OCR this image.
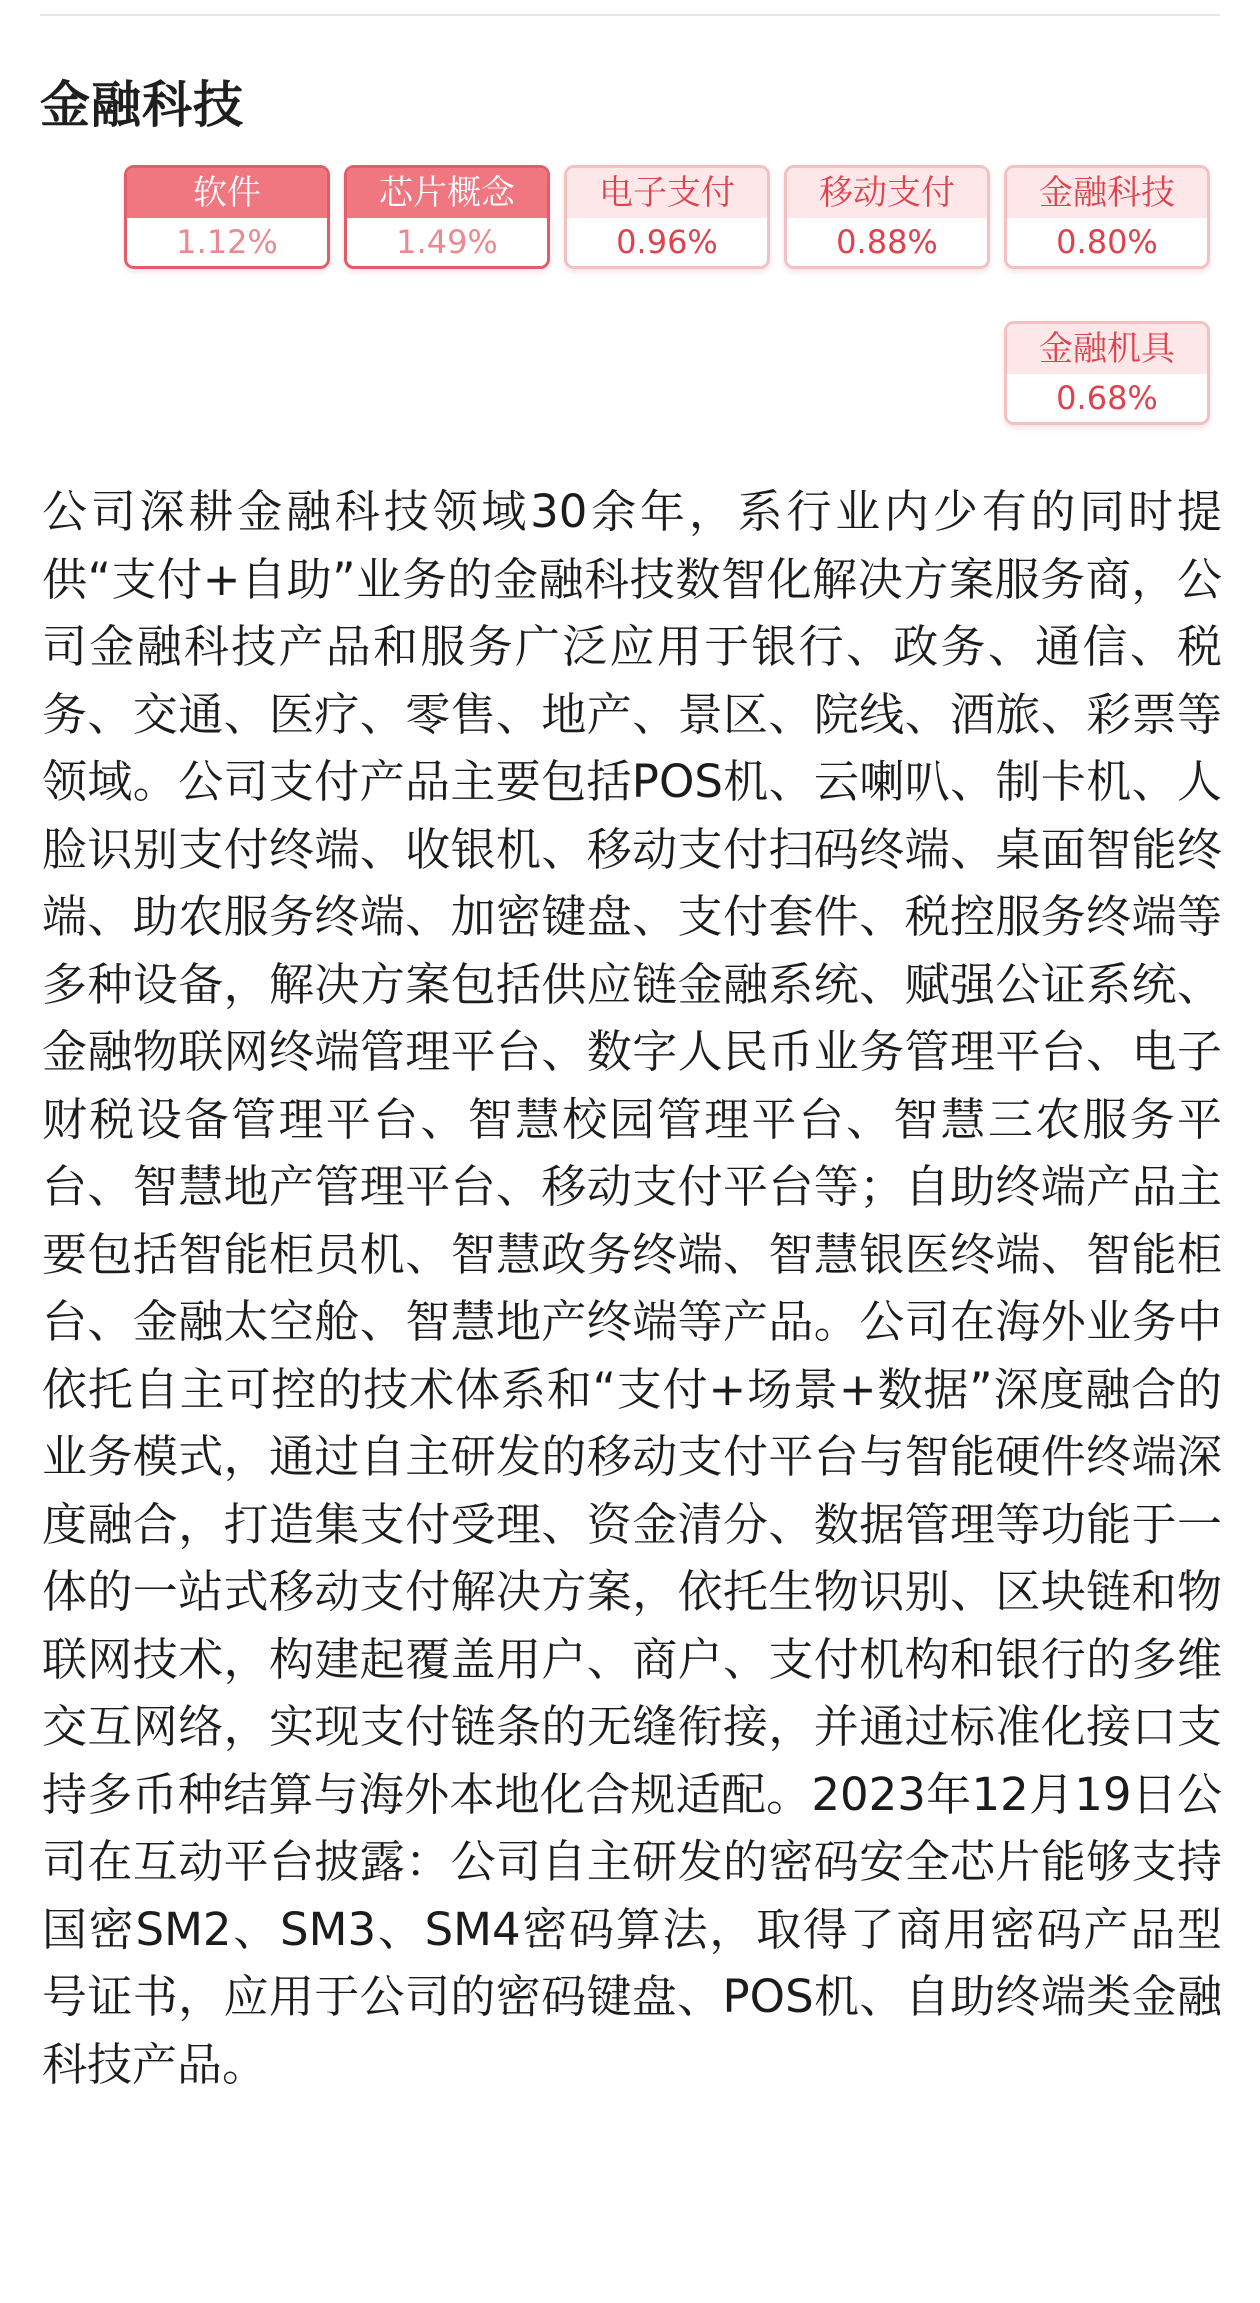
金融科技
软件
1.12%
芯片概念
1.49%
电子支付
0.96%
移动支付
0.88%
金融科技
0.80%
金融机具
0.68%

公司深耕金融科技领域30余年，系行业内少有的同时提供“支付+自助”业务的金融科技数智化解决方案服务商，公司金融科技产品和服务广泛应用于银行、政务、通信、税务、交通、医疗、零售、地产、景区、院线、酒旅、彩票等领域。公司支付产品主要包括POS机、云喇叭、制卡机、人脸识别支付终端、收银机、移动支付扫码终端、桌面智能终端、助农服务终端、加密键盘、支付套件、税控服务终端等多种设备，解决方案包括供应链金融系统、赋强公证系统、金融物联网终端管理平台、数字人民币业务管理平台、电子财税设备管理平台、智慧校园管理平台、智慧三农服务平台、智慧地产管理平台、移动支付平台等；自助终端产品主要包括智能柜员机、智慧政务终端、智慧银医终端、智能柜台、金融太空舱、智慧地产终端等产品。公司在海外业务中依托自主可控的技术体系和“支付+场景+数据”深度融合的业务模式，通过自主研发的移动支付平台与智能硬件终端深度融合，打造集支付受理、资金清分、数据管理等功能于一体的一站式移动支付解决方案，依托生物识别、区块链和物联网技术，构建起覆盖用户、商户、支付机构和银行的多维交互网络，实现支付链条的无缝衔接，并通过标准化接口支持多币种结算与海外本地化合规适配。2023年12月19日公司在互动平台披露：公司自主研发的密码安全芯片能够支持国密SM2、SM3、SM4密码算法，取得了商用密码产品型号证书，应用于公司的密码键盘、POS机、自助终端类金融科技产品。
